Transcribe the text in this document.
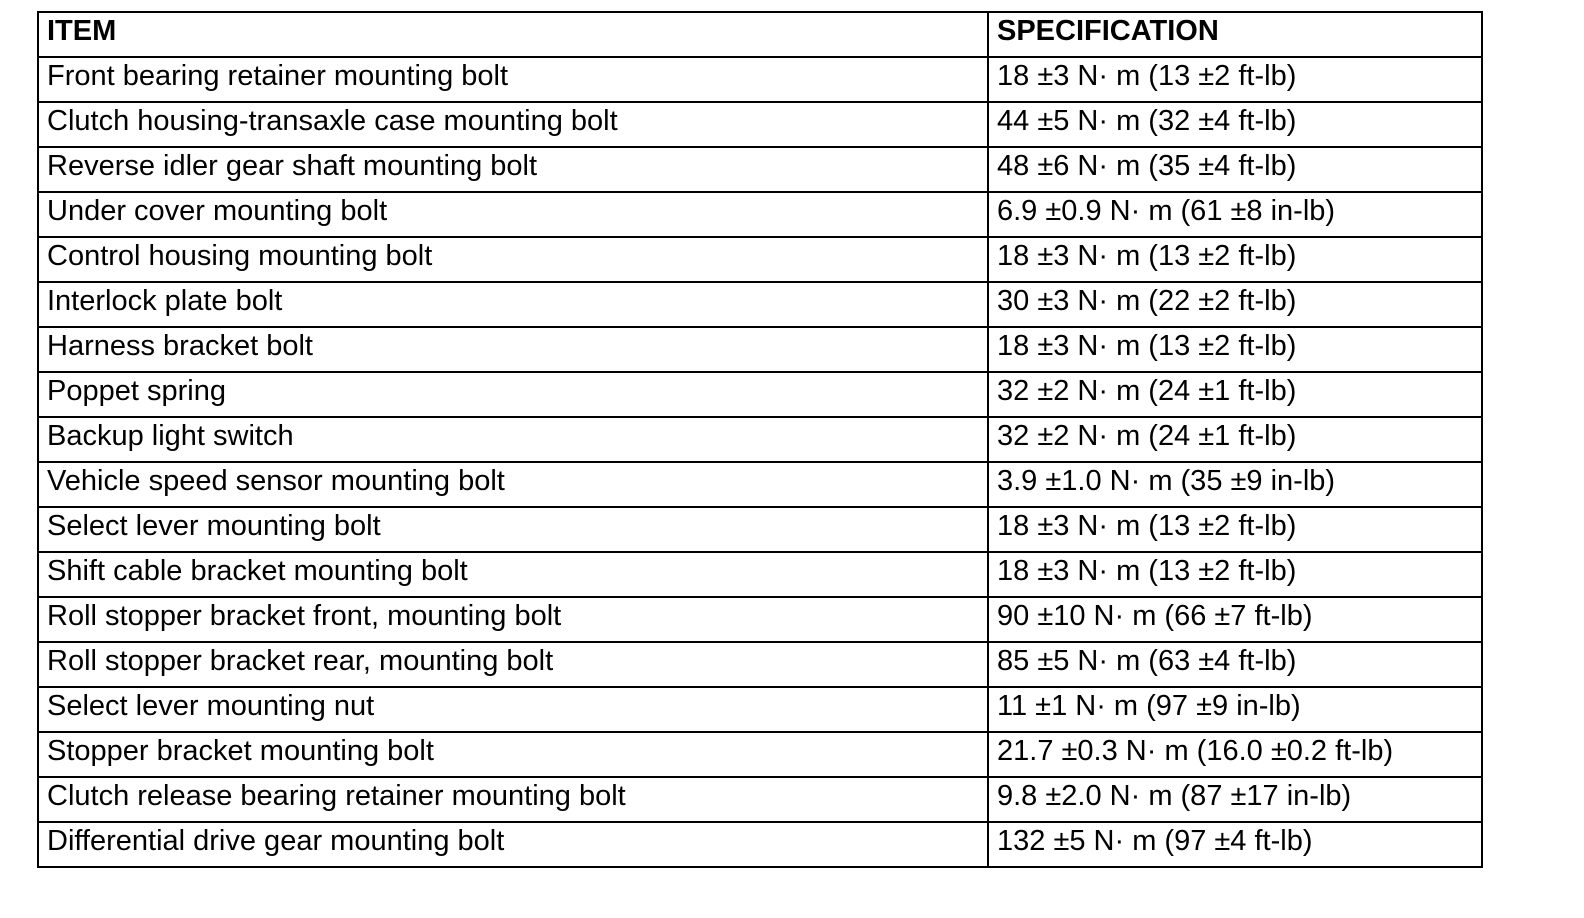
ITEM	SPECIFICATION
Front bearing retainer mounting bolt	18 ±3 N· m (13 ±2 ft-lb)
Clutch housing-transaxle case mounting bolt	44 ±5 N· m (32 ±4 ft-lb)
Reverse idler gear shaft mounting bolt	48 ±6 N· m (35 ±4 ft-lb)
Under cover mounting bolt	6.9 ±0.9 N· m (61 ±8 in-lb)
Control housing mounting bolt	18 ±3 N· m (13 ±2 ft-lb)
Interlock plate bolt	30 ±3 N· m (22 ±2 ft-lb)
Harness bracket bolt	18 ±3 N· m (13 ±2 ft-lb)
Poppet spring	32 ±2 N· m (24 ±1 ft-lb)
Backup light switch	32 ±2 N· m (24 ±1 ft-lb)
Vehicle speed sensor mounting bolt	3.9 ±1.0 N· m (35 ±9 in-lb)
Select lever mounting bolt	18 ±3 N· m (13 ±2 ft-lb)
Shift cable bracket mounting bolt	18 ±3 N· m (13 ±2 ft-lb)
Roll stopper bracket front, mounting bolt	90 ±10 N· m (66 ±7 ft-lb)
Roll stopper bracket rear, mounting bolt	85 ±5 N· m (63 ±4 ft-lb)
Select lever mounting nut	11 ±1 N· m (97 ±9 in-lb)
Stopper bracket mounting bolt	21.7 ±0.3 N· m (16.0 ±0.2 ft-lb)
Clutch release bearing retainer mounting bolt	9.8 ±2.0 N· m (87 ±17 in-lb)
Differential drive gear mounting bolt	132 ±5 N· m (97 ±4 ft-lb)
